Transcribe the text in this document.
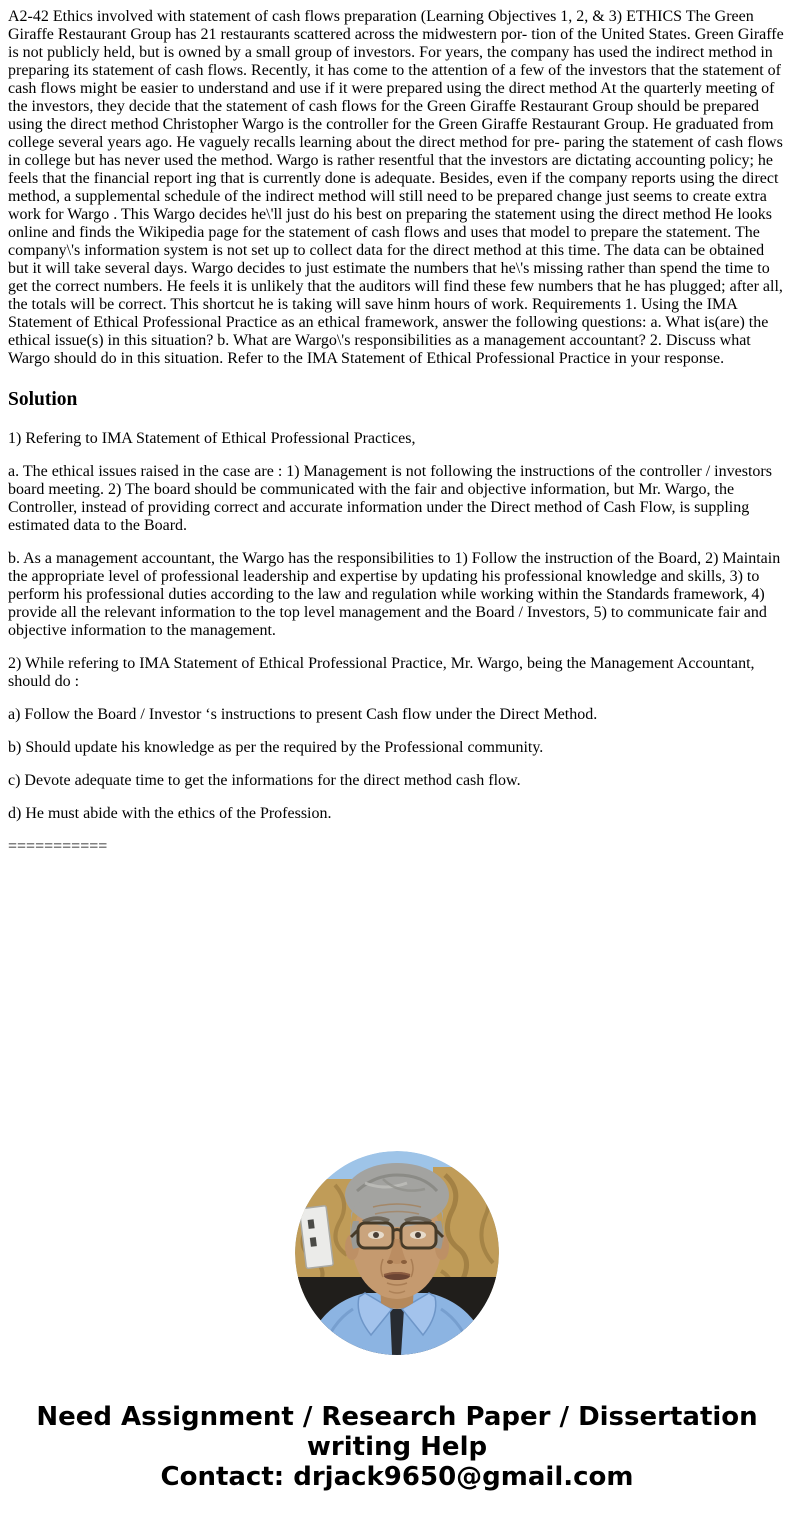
A2-42 Ethics involved with statement of cash flows preparation (Learning Objectives 1, 2, & 3) ETHICS The Green Giraffe Restaurant Group has 21 restaurants scattered across the midwestern por- tion of the United States. Green Giraffe is not publicly held, but is owned by a small group of investors. For years, the company has used the indirect method in preparing its statement of cash flows. Recently, it has come to the attention of a few of the investors that the statement of cash flows might be easier to understand and use if it were prepared using the direct method At the quarterly meeting of the investors, they decide that the statement of cash flows for the Green Giraffe Restaurant Group should be prepared using the direct method Christopher Wargo is the controller for the Green Giraffe Restaurant Group. He graduated from college several years ago. He vaguely recalls learning about the direct method for pre- paring the statement of cash flows in college but has never used the method. Wargo is rather resentful that the investors are dictating accounting policy; he feels that the financial report ing that is currently done is adequate. Besides, even if the company reports using the direct method, a supplemental schedule of the indirect method will still need to be prepared change just seems to create extra work for Wargo . This Wargo decides he\'ll just do his best on preparing the statement using the direct method He looks online and finds the Wikipedia page for the statement of cash flows and uses that model to prepare the statement. The company\'s information system is not set up to collect data for the direct method at this time. The data can be obtained but it will take several days. Wargo decides to just estimate the numbers that he\'s missing rather than spend the time to get the correct numbers. He feels it is unlikely that the auditors will find these few numbers that he has plugged; after all, the totals will be correct. This shortcut he is taking will save hinm hours of work. Requirements 1. Using the IMA Statement of Ethical Professional Practice as an ethical framework, answer the following questions: a. What is(are) the ethical issue(s) in this situation? b. What are Wargo\'s responsibilities as a management accountant? 2. Discuss what Wargo should do in this situation. Refer to the IMA Statement of Ethical Professional Practice in your response.

Solution

1) Refering to IMA Statement of Ethical Professional Practices,

a. The ethical issues raised in the case are : 1) Management is not following the instructions of the controller / investors board meeting. 2) The board should be communicated with the fair and objective information, but Mr. Wargo, the Controller, instead of providing correct and accurate information under the Direct method of Cash Flow, is suppling estimated data to the Board.

b. As a management accountant, the Wargo has the responsibilities to 1) Follow the instruction of the Board, 2) Maintain the appropriate level of professional leadership and expertise by updating his professional knowledge and skills, 3) to perform his professional duties according to the law and regulation while working within the Standards framework, 4) provide all the relevant information to the top level management and the Board / Investors, 5) to communicate fair and objective information to the management.

2) While refering to IMA Statement of Ethical Professional Practice, Mr. Wargo, being the Management Accountant, should do :

a) Follow the Board / Investor ‘s instructions to present Cash flow under the Direct Method.

b) Should update his knowledge as per the required by the Professional community.

c) Devote adequate time to get the informations for the direct method cash flow.

d) He must abide with the ethics of the Profession.

===========

Need Assignment / Research Paper / Dissertation
writing Help
Contact: drjack9650@gmail.com
